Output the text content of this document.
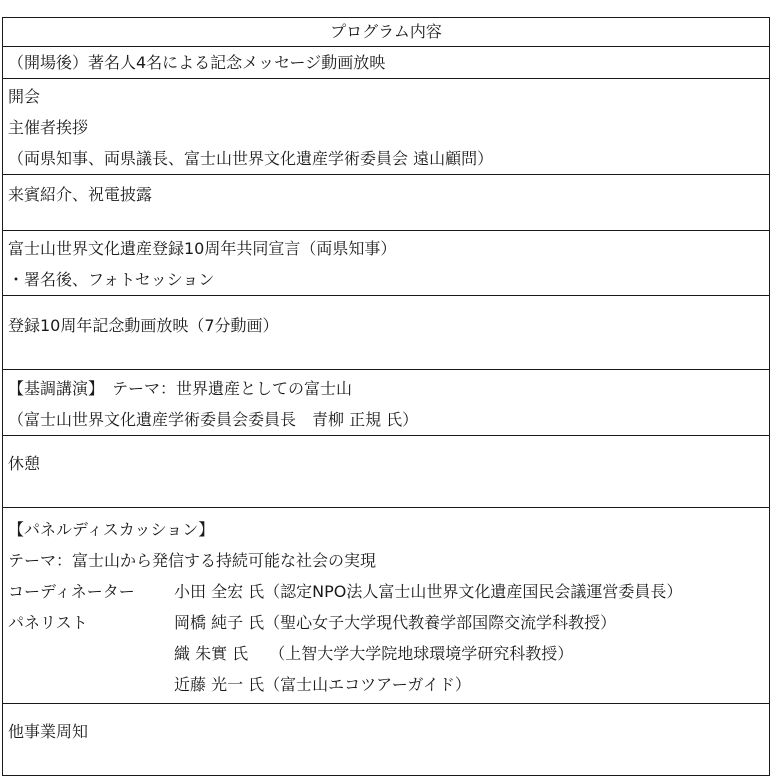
プログラム内容
（開場後）著名人4名による記念メッセージ動画放映

開会
主催者挨拶
（両県知事、両県議長、富士山世界文化遺産学術委員会 遠山顧問）

来賓紹介、祝電披露

富士山世界文化遺産登録10周年共同宣言（両県知事）
・署名後、フォトセッション

登録10周年記念動画放映（7分動画）

【基調講演】　テーマ：世界遺産としての富士山
（富士山世界文化遺産学術委員会委員長　青柳 正規 氏）

休憩

【パネルディスカッション】
テーマ：富士山から発信する持続可能な社会の実現
コーディネーター 小田 全宏 氏（認定NPO法人富士山世界文化遺産国民会議運営委員長）
パネリスト	岡橋 純子 氏（聖心女子大学現代教養学部国際交流学科教授）
織 朱實 氏　 （上智大学大学院地球環境学研究科教授）
近藤 光一 氏（富士山エコツアーガイド）

他事業周知
